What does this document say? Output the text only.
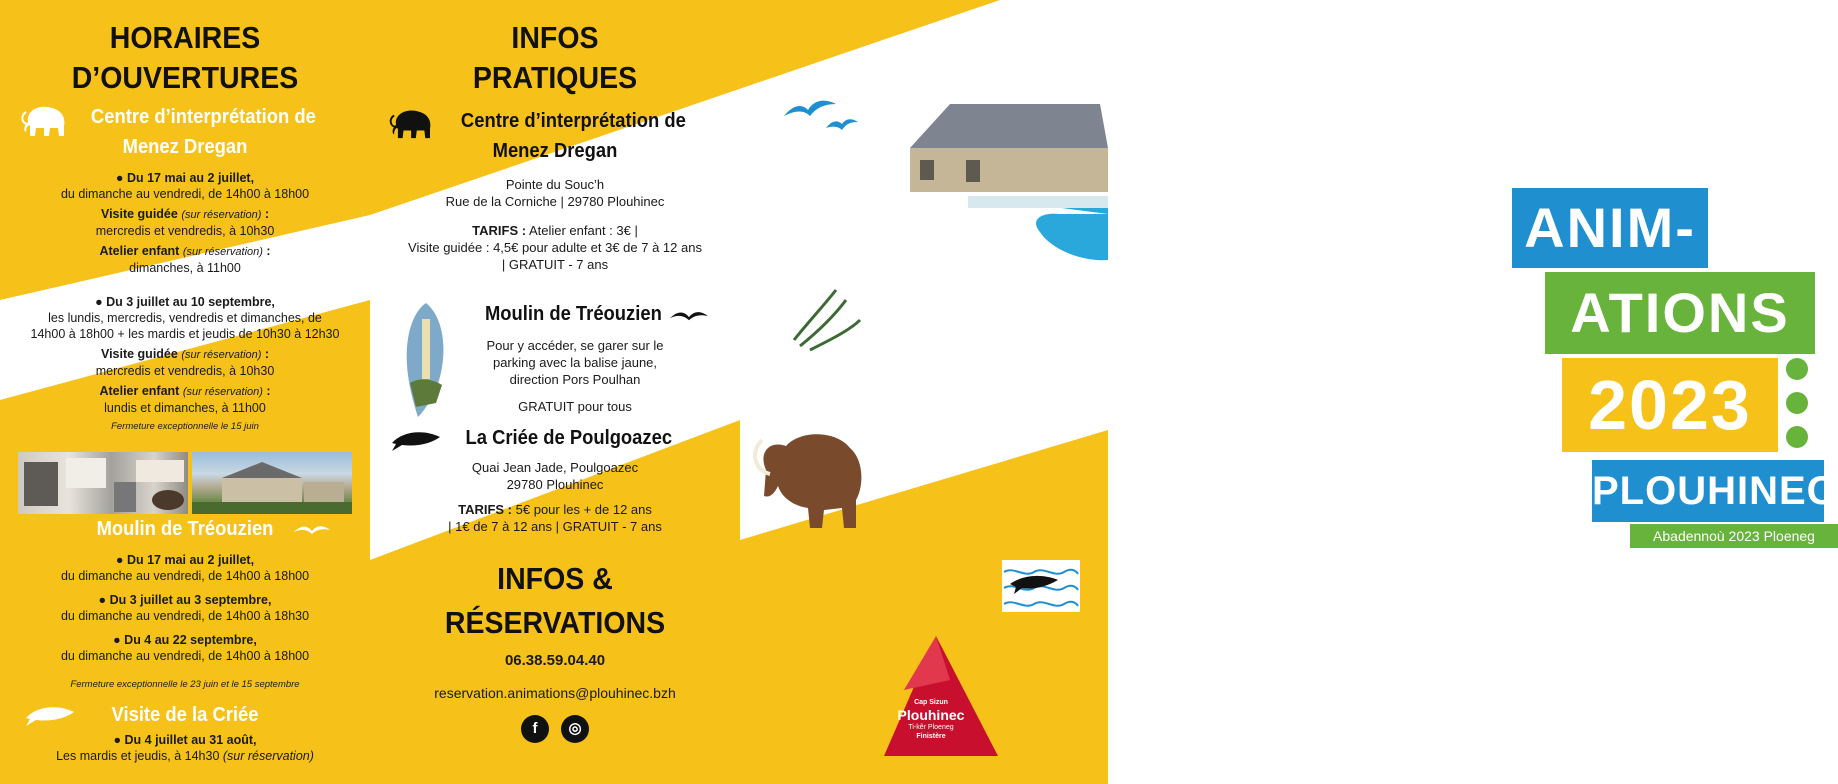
HORAIRES
D’OUVERTURES
Centre d’interprétation de
Menez Dregan
● Du 17 mai au 2 juillet,
du dimanche au vendredi, de 14h00 à 18h00
Visite guidée (sur réservation) :
mercredis et vendredis, à 10h30
Atelier enfant (sur réservation) :
dimanches, à 11h00
● Du 3 juillet au 10 septembre,
les lundis, mercredis, vendredis et dimanches, de
14h00 à 18h00 + les mardis et jeudis de 10h30 à 12h30
Visite guidée (sur réservation) :
mercredis et vendredis, à 10h30
Atelier enfant (sur réservation) :
lundis et dimanches, à 11h00
Fermeture exceptionnelle le 15 juin
Moulin de Tréouzien
● Du 17 mai au 2 juillet,
du dimanche au vendredi, de 14h00 à 18h00
● Du 3 juillet au 3 septembre,
du dimanche au vendredi, de 14h00 à 18h30
● Du 4 au 22 septembre,
du dimanche au vendredi, de 14h00 à 18h00
Fermeture exceptionnelle le 23 juin et le 15 septembre
Visite de la Criée
● Du 4 juillet au 31 août,
Les mardis et jeudis, à 14h30 (sur réservation)
INFOS
PRATIQUES
Centre d’interprétation de
Menez Dregan
Pointe du Souc’h
Rue de la Corniche | 29780 Plouhinec
TARIFS : Atelier enfant : 3€ |
Visite guidée : 4,5€ pour adulte et 3€ de 7 à 12 ans
| GRATUIT - 7 ans
Moulin de Tréouzien
Pour y accéder, se garer sur le
parking avec la balise jaune,
direction Pors Poulhan
GRATUIT pour tous
La Criée de Poulgoazec
Quai Jean Jade, Poulgoazec
29780 Plouhinec
TARIFS : 5€ pour les + de 12 ans
| 1€ de 7 à 12 ans | GRATUIT - 7 ans
INFOS &
RÉSERVATIONS
06.38.59.04.40
reservation.animations@plouhinec.bzh
f	◎
ANIM-
ATIONS
2023
PLOUHINEC
Abadennoù 2023 Ploeneg
Cap Sizun
Plouhinec
Ti-kêr Ploeneg
Finistère
